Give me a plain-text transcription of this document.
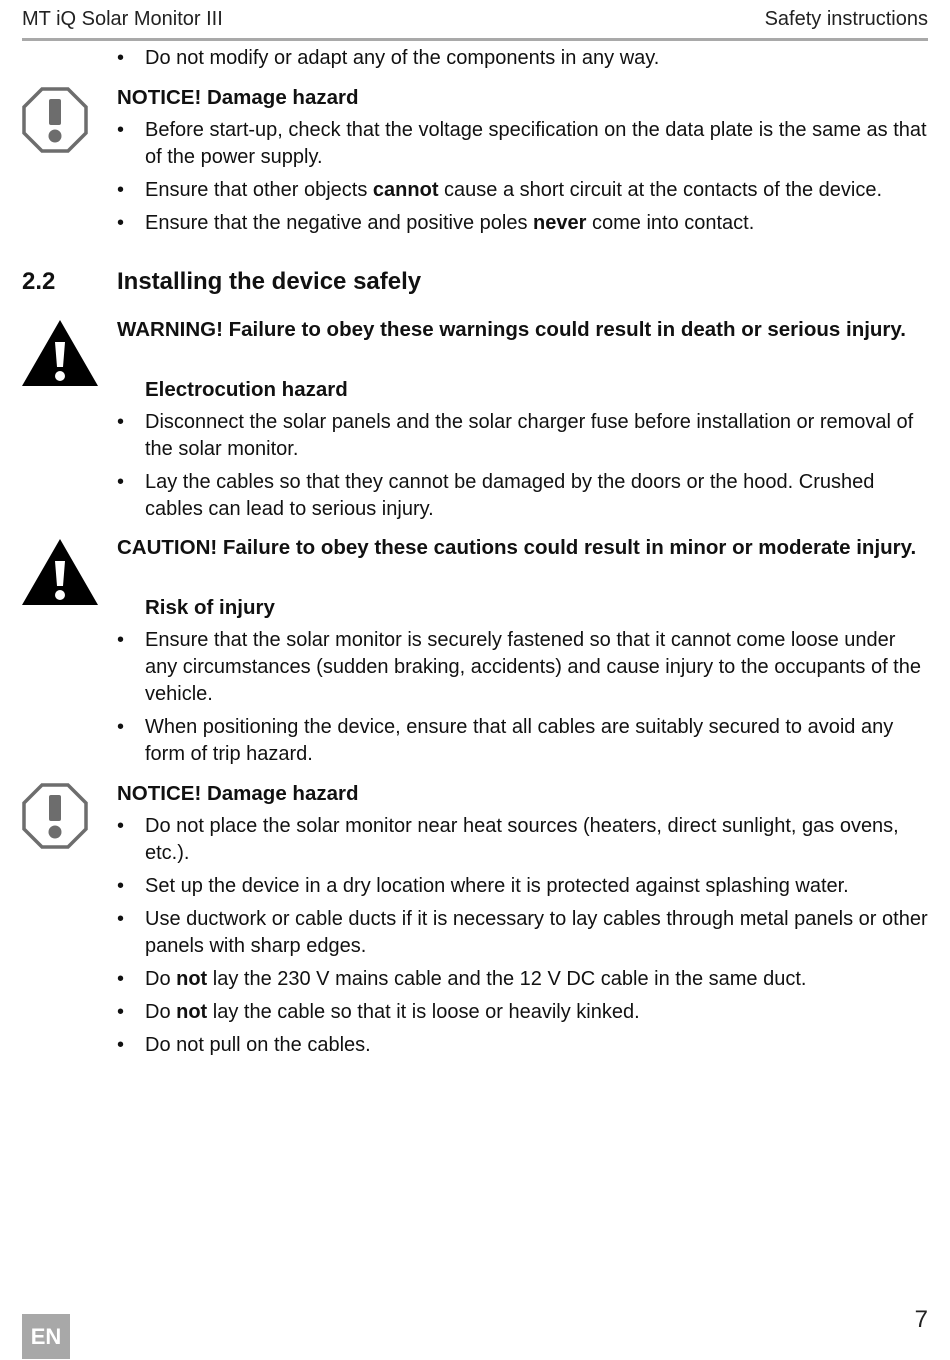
MT iQ Solar Monitor III	Safety instructions
•	Do not modify or adapt any of the components in any way.
NOTICE! Damage hazard
•	Before start-up, check that the voltage specification on the data plate is the same as that of the power supply.
•	Ensure that other objects cannot cause a short circuit at the contacts of the device.
•	Ensure that the negative and positive poles never come into contact.
2.2	Installing the device safely
WARNING! Failure to obey these warnings could result in death or serious injury.
Electrocution hazard
•	Disconnect the solar panels and the solar charger fuse before installation or removal of the solar monitor.
•	Lay the cables so that they cannot be damaged by the doors or the hood. Crushed cables can lead to serious injury.
CAUTION! Failure to obey these cautions could result in minor or moderate injury.
Risk of injury
•	Ensure that the solar monitor is securely fastened so that it cannot come loose under any circumstances (sudden braking, accidents) and cause injury to the occupants of the vehicle.
•	When positioning the device, ensure that all cables are suitably secured to avoid any form of trip hazard.
NOTICE! Damage hazard
•	Do not place the solar monitor near heat sources (heaters, direct sunlight, gas ovens, etc.).
•	Set up the device in a dry location where it is protected against splashing water.
•	Use ductwork or cable ducts if it is necessary to lay cables through metal panels or other panels with sharp edges.
•	Do not lay the 230 V mains cable and the 12 V DC cable in the same duct.
•	Do not lay the cable so that it is loose or heavily kinked.
•	Do not pull on the cables.
EN
7
